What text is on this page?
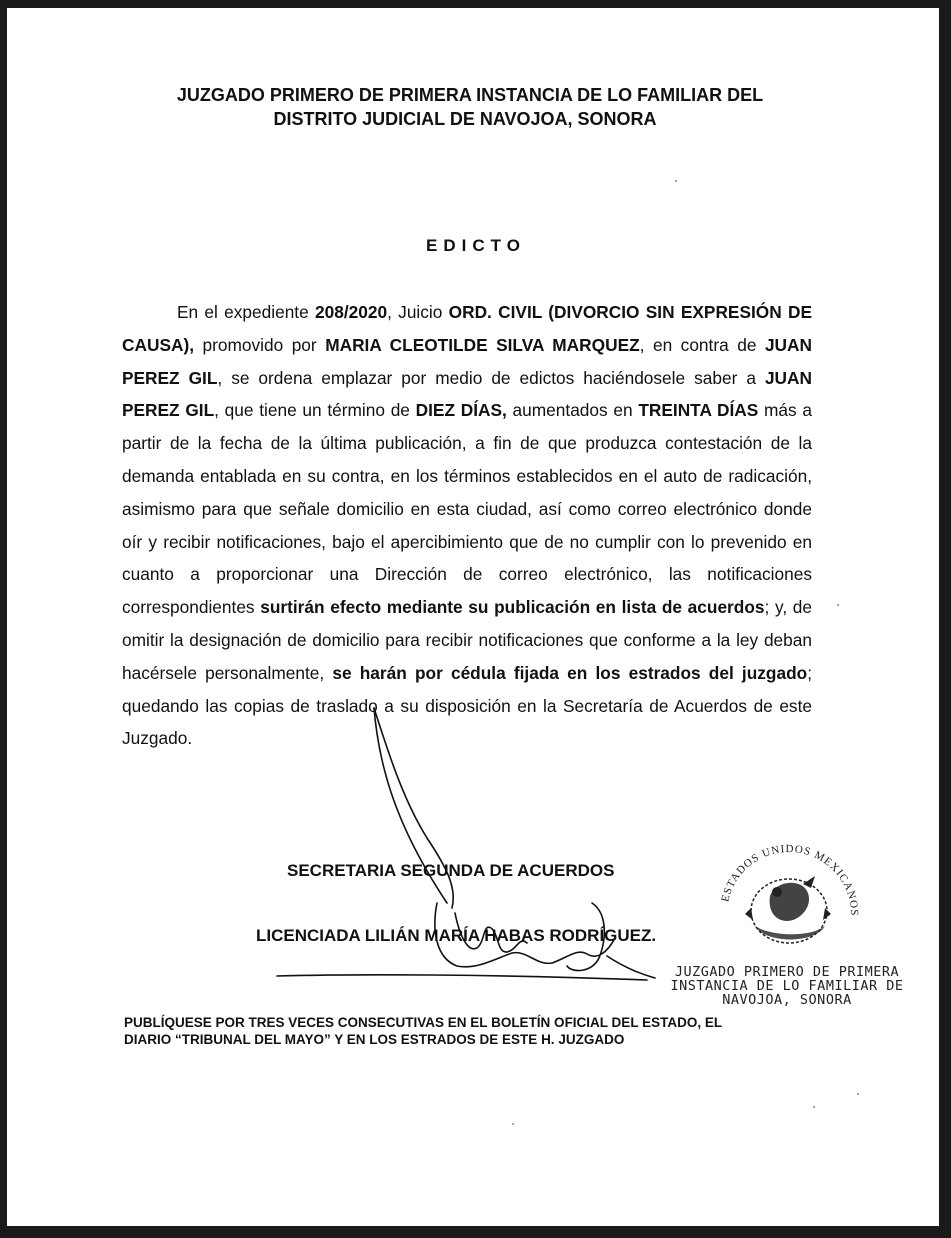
JUZGADO PRIMERO DE PRIMERA INSTANCIA DE LO FAMILIAR DEL
DISTRITO JUDICIAL DE NAVOJOA, SONORA
EDICTO

En el expediente 208/2020, Juicio ORD. CIVIL (DIVORCIO SIN EXPRESIÓN DE CAUSA), promovido por MARIA CLEOTILDE SILVA MARQUEZ, en contra de JUAN PEREZ GIL, se ordena emplazar por medio de edictos haciéndosele saber a JUAN PEREZ GIL, que tiene un término de DIEZ DÍAS, aumentados en TREINTA DÍAS más a partir de la fecha de la última publicación, a fin de que produzca contestación de la demanda entablada en su contra, en los términos establecidos en el auto de radicación, asimismo para que señale domicilio en esta ciudad, así como correo electrónico donde oír y recibir notificaciones, bajo el apercibimiento que de no cumplir con lo prevenido en cuanto a proporcionar una Dirección de correo electrónico, las notificaciones correspondientes surtirán efecto mediante su publicación en lista de acuerdos; y, de omitir la designación de domicilio para recibir notificaciones que conforme a la ley deban hacérsele personalmente, se harán por cédula fijada en los estrados del juzgado; quedando las copias de traslado a su disposición en la Secretaría de Acuerdos de este Juzgado.

SECRETARIA SEGUNDA DE ACUERDOS
LICENCIADA LILIÁN MARÍA HABAS RODRÍGUEZ.
ESTADOS UNIDOS MEXICANOS
JUZGADO PRIMERO DE PRIMERA
INSTANCIA DE LO FAMILIAR DE
NAVOJOA, SONORA
PUBLÍQUESE POR TRES VECES CONSECUTIVAS EN EL BOLETÍN OFICIAL DEL ESTADO, EL
DIARIO “TRIBUNAL DEL MAYO” Y EN LOS ESTRADOS DE ESTE H. JUZGADO
